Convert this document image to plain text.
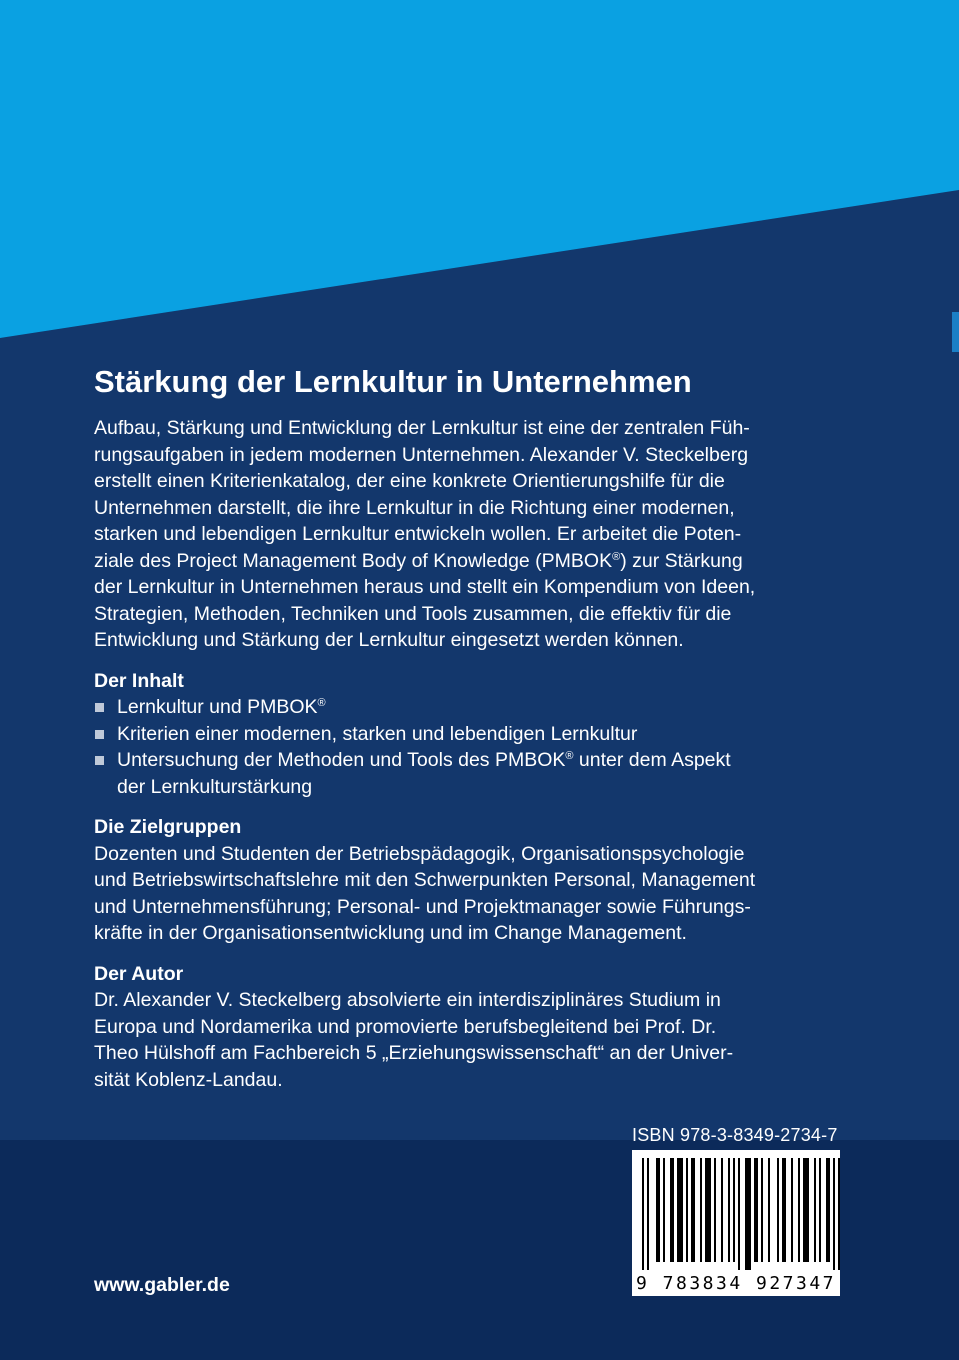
Stärkung der Lernkultur in Unternehmen

Aufbau, Stärkung und Entwicklung der Lernkultur ist eine der zentralen Füh-
rungsaufgaben in jedem modernen Unternehmen. Alexander V. Steckelberg
erstellt einen Kriterienkatalog, der eine konkrete Orientierungshilfe für die
Unternehmen darstellt, die ihre Lernkultur in die Richtung einer modernen,
starken und lebendigen Lernkultur entwickeln wollen. Er arbeitet die Poten-
ziale des Project Management Body of Knowledge (PMBOK®) zur Stärkung
der Lernkultur in Unternehmen heraus und stellt ein Kompendium von Ideen,
Strategien, Methoden, Techniken und Tools zusammen, die effektiv für die
Entwicklung und Stärkung der Lernkultur eingesetzt werden können.

Der Inhalt
Lernkultur und PMBOK®
Kriterien einer modernen, starken und lebendigen Lernkultur
Untersuchung der Methoden und Tools des PMBOK® unter dem Aspekt
der Lernkulturstärkung
Die Zielgruppen
Dozenten und Studenten der Betriebspädagogik, Organisationspsychologie
und Betriebswirtschaftslehre mit den Schwerpunkten Personal, Management
und Unternehmensführung; Personal- und Projektmanager sowie Führungs-
kräfte in der Organisationsentwicklung und im Change Management.
Der Autor
Dr. Alexander V. Steckelberg absolvierte ein interdisziplinäres Studium in
Europa und Nordamerika und promovierte berufsbegleitend bei Prof. Dr.
Theo Hülshoff am Fachbereich 5 „Erziehungswissenschaft“ an der Univer-
sität Koblenz-Landau.
ISBN 978-3-8349-2734-7
9 783834 927347
www.gabler.de
